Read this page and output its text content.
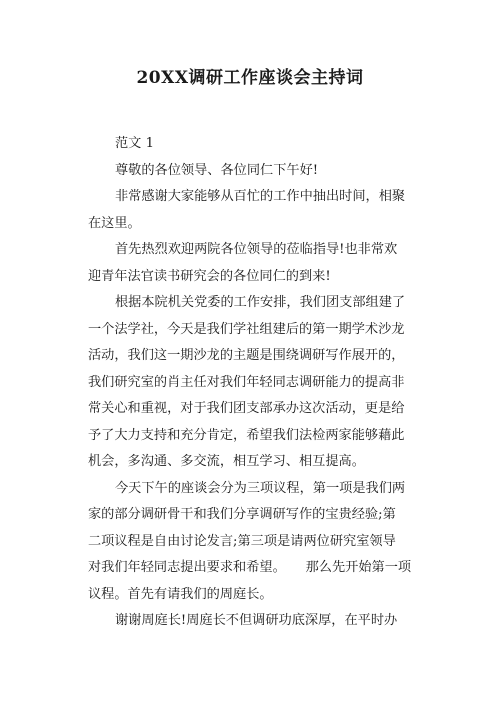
20XX调研工作座谈会主持词
范文 1
尊敬的各位领导、各位同仁下午好!
非常感谢大家能够从百忙的工作中抽出时间，相聚
在这里。
首先热烈欢迎两院各位领导的莅临指导!也非常欢
迎青年法官读书研究会的各位同仁的到来!
根据本院机关党委的工作安排，我们团支部组建了
一个法学社，今天是我们学社组建后的第一期学术沙龙
活动，我们这一期沙龙的主题是围绕调研写作展开的，
我们研究室的肖主任对我们年轻同志调研能力的提高非
常关心和重视，对于我们团支部承办这次活动，更是给
予了大力支持和充分肯定，希望我们法检两家能够藉此
机会，多沟通、多交流，相互学习、相互提高。
今天下午的座谈会分为三项议程，第一项是我们两
家的部分调研骨干和我们分享调研写作的宝贵经验;第
二项议程是自由讨论发言;第三项是请两位研究室领导
对我们年轻同志提出要求和希望。　　那么先开始第一项
议程。首先有请我们的周庭长。
谢谢周庭长!周庭长不但调研功底深厚，在平时办
